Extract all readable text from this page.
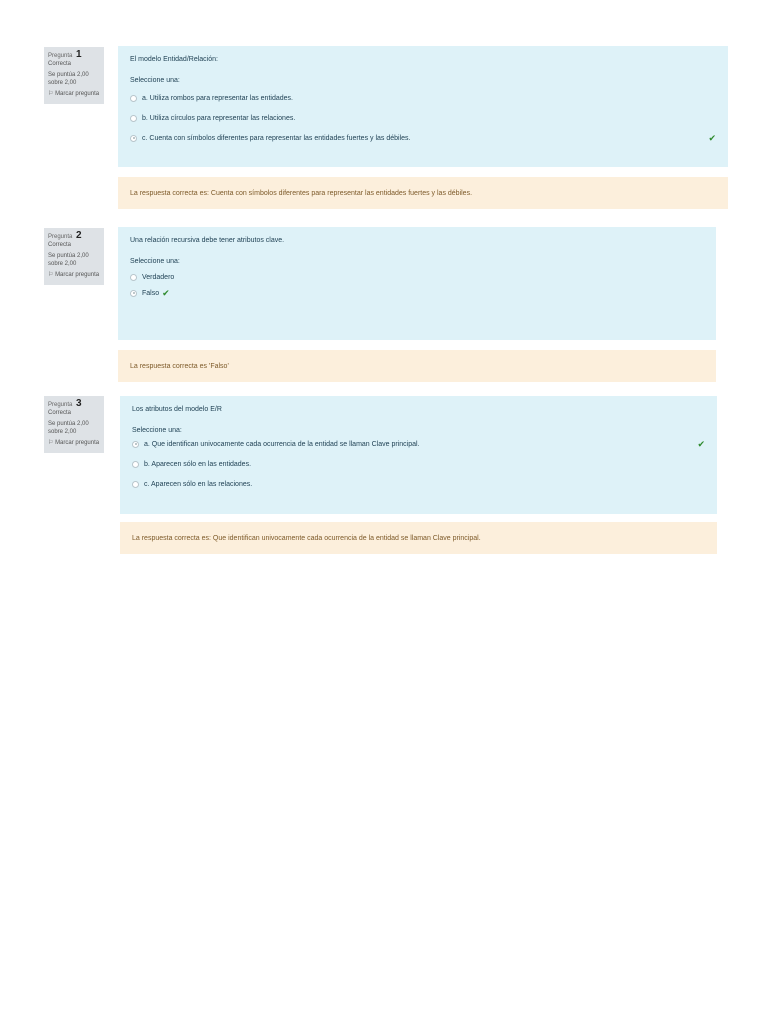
Pregunta 1
Correcta
Se puntúa 2,00 sobre 2,00
⚐ Marcar pregunta
El modelo Entidad/Relación:
Seleccione una:
a. Utiliza rombos para representar las entidades.
b. Utiliza círculos para representar las relaciones.
c. Cuenta con símbolos diferentes para representar las entidades fuertes y las débiles.	✔
La respuesta correcta es: Cuenta con símbolos diferentes para representar las entidades fuertes y las débiles.
Pregunta 2
Correcta
Se puntúa 2,00 sobre 2,00
⚐ Marcar pregunta
Una relación recursiva debe tener atributos clave.
Seleccione una:
Verdadero
Falso ✔
La respuesta correcta es 'Falso'
Pregunta 3
Correcta
Se puntúa 2,00 sobre 2,00
⚐ Marcar pregunta
Los atributos del modelo E/R
Seleccione una:
a. Que identifican univocamente cada ocurrencia de la entidad se llaman Clave principal.	✔
b. Aparecen sólo en las entidades.
c. Aparecen sólo en las relaciones.
La respuesta correcta es: Que identifican univocamente cada ocurrencia de la entidad se llaman Clave principal.
